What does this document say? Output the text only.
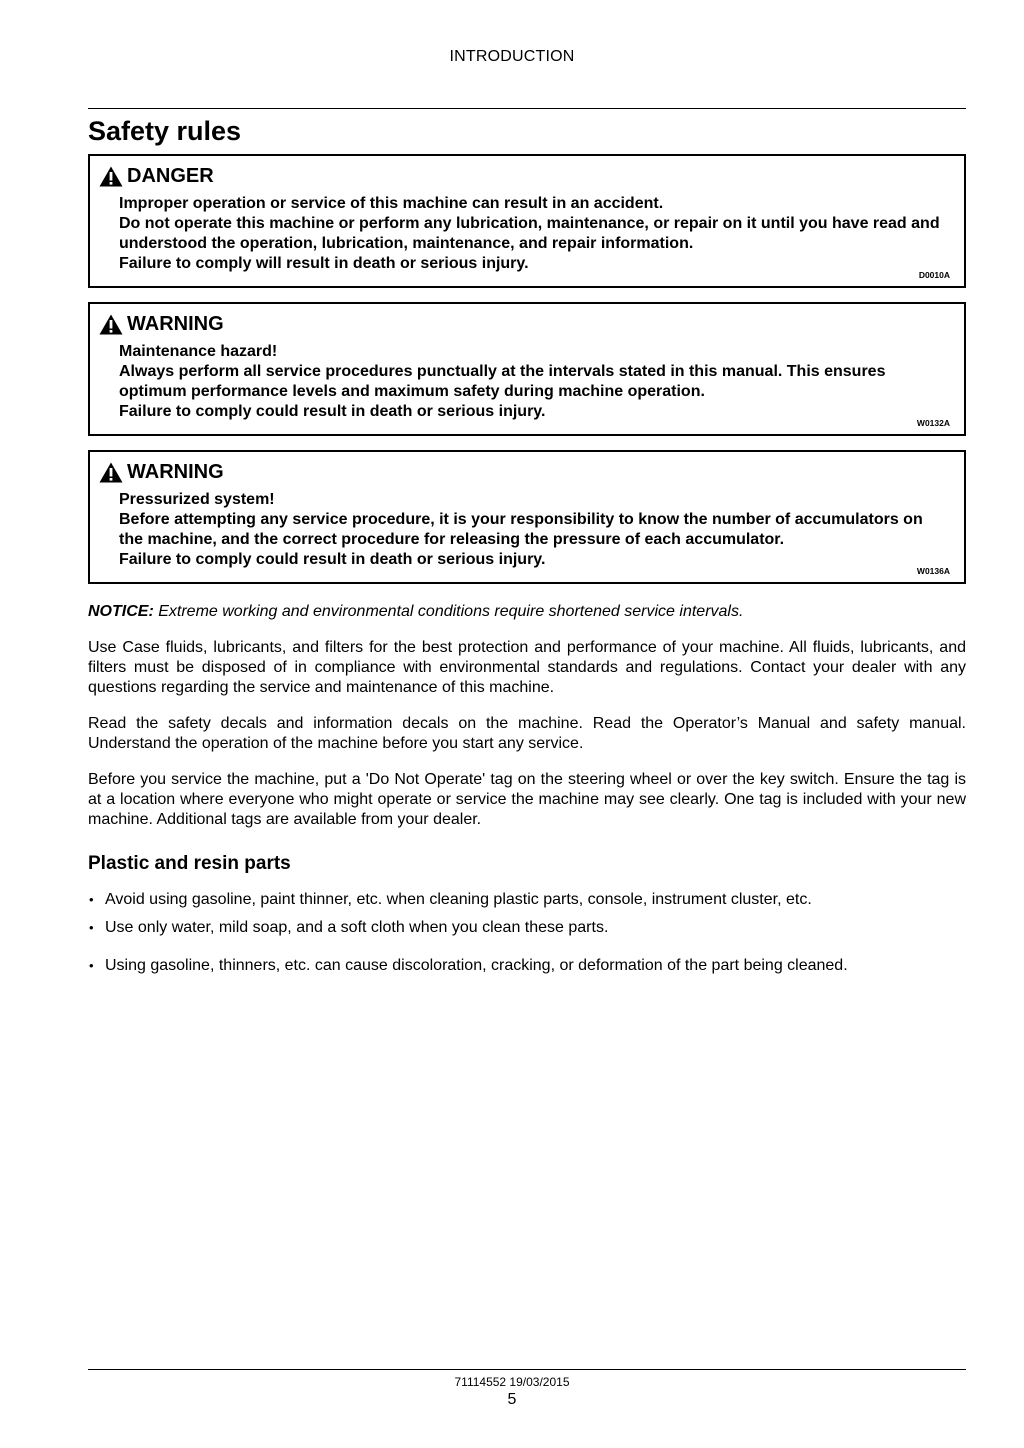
INTRODUCTION
Safety rules
DANGER

Improper operation or service of this machine can result in an accident.

Do not operate this machine or perform any lubrication, maintenance, or repair on it until you have read and understood the operation, lubrication, maintenance, and repair information.

Failure to comply will result in death or serious injury.

D0010A
WARNING

Maintenance hazard!

Always perform all service procedures punctually at the intervals stated in this manual. This ensures optimum performance levels and maximum safety during machine operation.

Failure to comply could result in death or serious injury.

W0132A
WARNING

Pressurized system!

Before attempting any service procedure, it is your responsibility to know the number of accumulators on the machine, and the correct procedure for releasing the pressure of each accumulator.

Failure to comply could result in death or serious injury.

W0136A

NOTICE: Extreme working and environmental conditions require shortened service intervals.

Use Case fluids, lubricants, and filters for the best protection and performance of your machine. All fluids, lubricants, and filters must be disposed of in compliance with environmental standards and regulations. Contact your dealer with any questions regarding the service and maintenance of this machine.

Read the safety decals and information decals on the machine. Read the Operator’s Manual and safety manual. Understand the operation of the machine before you start any service.

Before you service the machine, put a 'Do Not Operate' tag on the steering wheel or over the key switch. Ensure the tag is at a location where everyone who might operate or service the machine may see clearly. One tag is included with your new machine. Additional tags are available from your dealer.

Plastic and resin parts
• Avoid using gasoline, paint thinner, etc. when cleaning plastic parts, console, instrument cluster, etc.
• Use only water, mild soap, and a soft cloth when you clean these parts.
• Using gasoline, thinners, etc. can cause discoloration, cracking, or deformation of the part being cleaned.
71114552 19/03/2015
5
